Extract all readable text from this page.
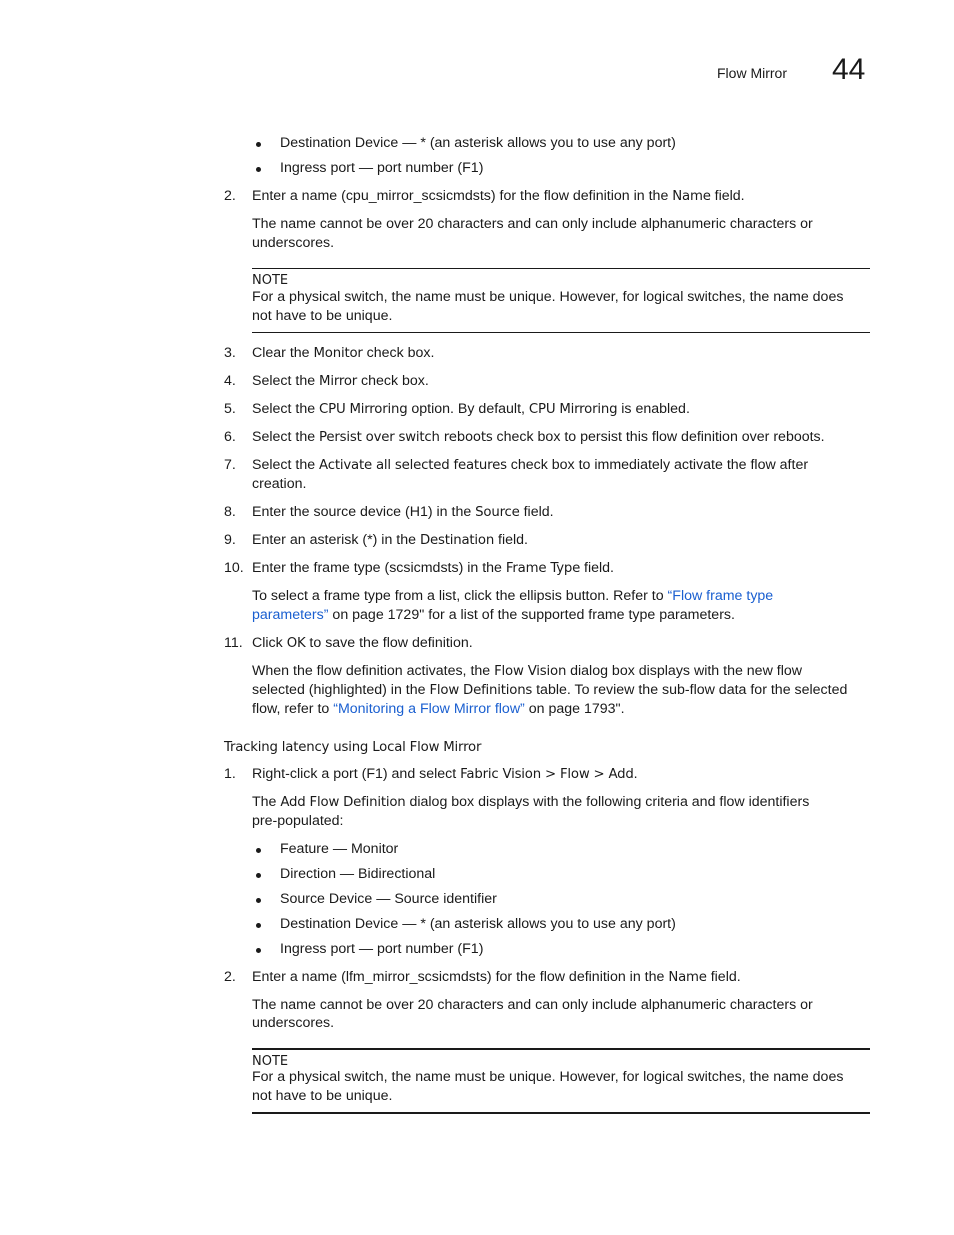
Flow Mirror 44
Destination Device — * (an asterisk allows you to use any port)
Ingress port — port number (F1)
2. Enter a name (cpu_mirror_scsicmdsts) for the flow definition in the Name field.
The name cannot be over 20 characters and can only include alphanumeric characters or
underscores.
NOTE
For a physical switch, the name must be unique. However, for logical switches, the name does
not have to be unique.
3. Clear the Monitor check box.
4. Select the Mirror check box.
5. Select the CPU Mirroring option. By default, CPU Mirroring is enabled.
6. Select the Persist over switch reboots check box to persist this flow definition over reboots.
7. Select the Activate all selected features check box to immediately activate the flow after
creation.
8. Enter the source device (H1) in the Source field.
9. Enter an asterisk (*) in the Destination field.
10. Enter the frame type (scsicmdsts) in the Frame Type field.
To select a frame type from a list, click the ellipsis button. Refer to “Flow frame type
parameters” on page 1729" for a list of the supported frame type parameters.
11. Click OK to save the flow definition.
When the flow definition activates, the Flow Vision dialog box displays with the new flow
selected (highlighted) in the Flow Definitions table. To review the sub-flow data for the selected
flow, refer to “Monitoring a Flow Mirror flow” on page 1793".
Tracking latency using Local Flow Mirror
1. Right-click a port (F1) and select Fabric Vision > Flow > Add.
The Add Flow Definition dialog box displays with the following criteria and flow identifiers
pre-populated:
Feature — Monitor
Direction — Bidirectional
Source Device — Source identifier
Destination Device — * (an asterisk allows you to use any port)
Ingress port — port number (F1)
2. Enter a name (lfm_mirror_scsicmdsts) for the flow definition in the Name field.
The name cannot be over 20 characters and can only include alphanumeric characters or
underscores.
NOTE
For a physical switch, the name must be unique. However, for logical switches, the name does
not have to be unique.
